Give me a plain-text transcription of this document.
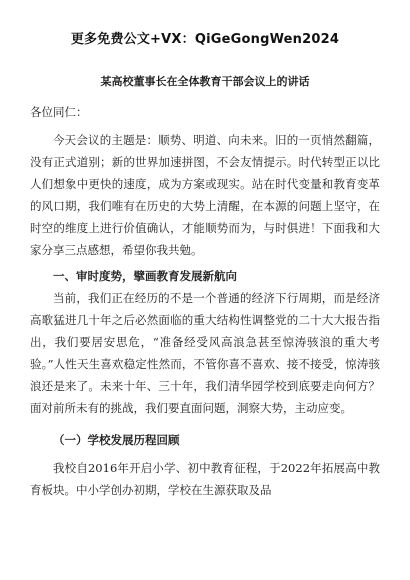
更多免费公文+VX：QiGeGongWen2024
某高校董事长在全体教育干部会议上的讲话

各位同仁：

今天会议的主题是：顺势、明道、向未来。旧的一页悄然翻篇，没有正式道别；新的世界加速拼图，不会友情提示。时代转型正以比人们想象中更快的速度，成为方案或现实。站在时代变量和教育变革的风口期，我们唯有在历史的大势上清醒，在本源的问题上坚守，在时空的维度上进行价值确认，才能顺势而为，与时俱进！下面我和大家分享三点感想，希望你我共勉。

一、审时度势，擘画教育发展新航向

当前，我们正在经历的不是一个普通的经济下行周期，而是经济高歌猛进几十年之后必然面临的重大结构性调整党的二十大大报告指出，我们要居安思危，“准备经受风高浪急甚至惊涛骇浪的重大考验。”人性天生喜欢稳定性然而，不管你喜不喜欢、接不接受，惊涛骇浪还是来了。未来十年、三十年，我们清华园学校到底要走向何方？面对前所未有的挑战，我们要直面问题，洞察大势，主动应变。

（一）学校发展历程回顾

我校自2016年开启小学、初中教育征程，于2022年拓展高中教育板块。中小学创办初期，学校在生源获取及品
